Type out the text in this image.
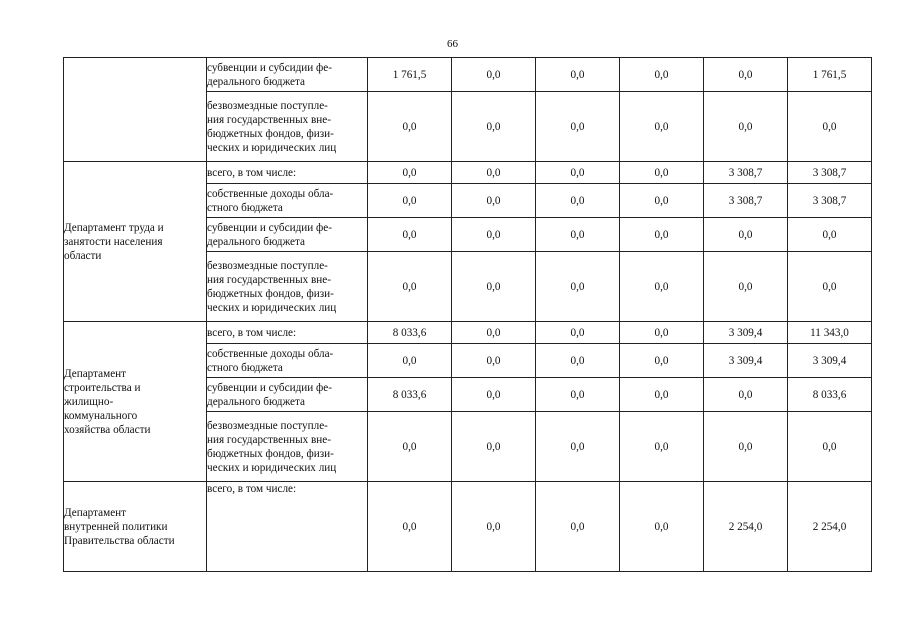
66

	субвенции и субсидии фе-
дерального бюджета	1 761,5	0,0	0,0	0,0	0,0	1 761,5

	безвозмездные поступле-
ния государственных вне-
бюджетных фондов, физи-
ческих и юридических лиц	0,0	0,0	0,0	0,0	0,0	0,0

Департамент труда и
занятости населения
области	всего, в том числе:	0,0	0,0	0,0	0,0	3 308,7	3 308,7

	собственные доходы обла-
стного бюджета	0,0	0,0	0,0	0,0	3 308,7	3 308,7

	субвенции и субсидии фе-
дерального бюджета	0,0	0,0	0,0	0,0	0,0	0,0

	безвозмездные поступле-
ния государственных вне-
бюджетных фондов, физи-
ческих и юридических лиц	0,0	0,0	0,0	0,0	0,0	0,0

Департамент
строительства и
жилищно-
коммунального
хозяйства области	всего, в том числе:	8 033,6	0,0	0,0	0,0	3 309,4	11 343,0

	собственные доходы обла-
стного бюджета	0,0	0,0	0,0	0,0	3 309,4	3 309,4

	субвенции и субсидии фе-
дерального бюджета	8 033,6	0,0	0,0	0,0	0,0	8 033,6

	безвозмездные поступле-
ния государственных вне-
бюджетных фондов, физи-
ческих и юридических лиц	0,0	0,0	0,0	0,0	0,0	0,0

Департамент
внутренней политики
Правительства области	всего, в том числе:	0,0	0,0	0,0	0,0	2 254,0	2 254,0
